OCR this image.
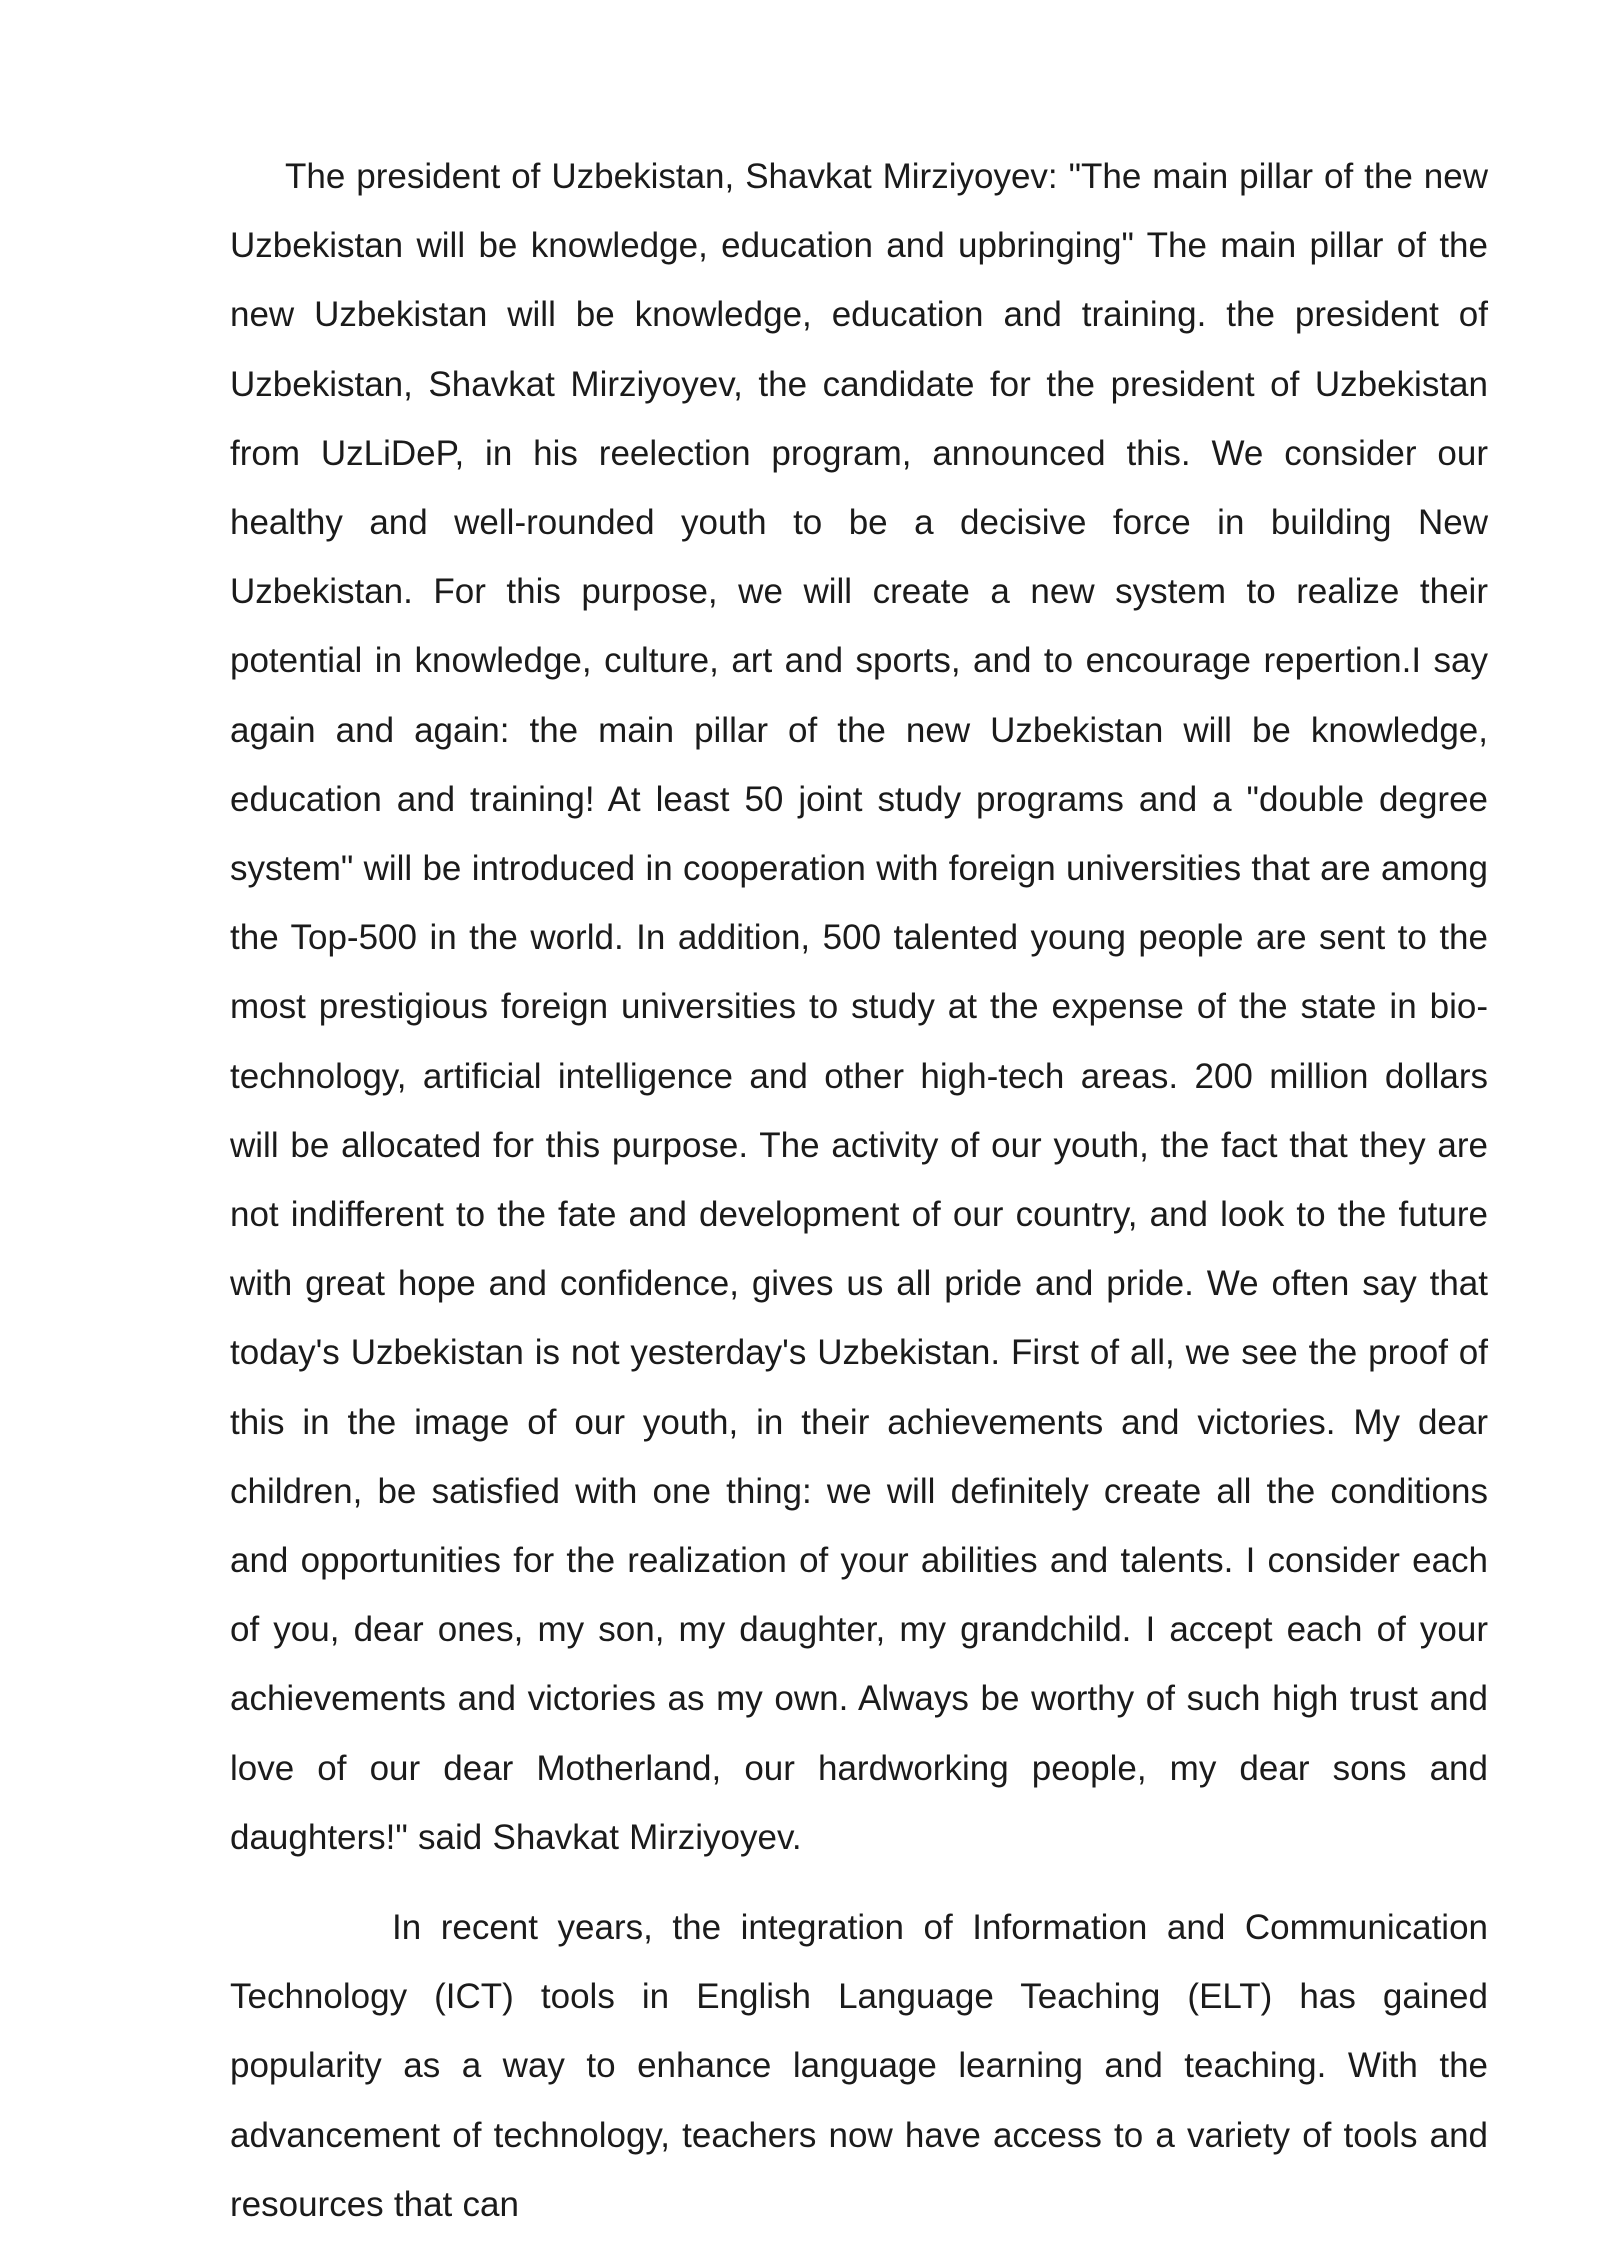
The president of Uzbekistan, Shavkat Mirziyoyev: "The main pillar of the new Uzbekistan will be knowledge, education and upbringing" The main pillar of the new Uzbekistan will be knowledge, education and training. the president of Uzbekistan, Shavkat Mirziyoyev, the candidate for the president of Uzbekistan from UzLiDeP, in his reelection program, announced this. We consider our healthy and well-rounded youth to be a decisive force in building New Uzbekistan. For this purpose, we will create a new system to realize their potential in knowledge, culture, art and sports, and to encourage repertion.I say again and again: the main pillar of the new Uzbekistan will be knowledge, education and training! At least 50 joint study programs and a "double degree system" will be introduced in cooperation with foreign universities that are among the Top-500 in the world. In addition, 500 talented young people are sent to the most prestigious foreign universities to study at the expense of the state in bio-technology, artificial intelligence and other high-tech areas. 200 million dollars will be allocated for this purpose. The activity of our youth, the fact that they are not indifferent to the fate and development of our country, and look to the future with great hope and confidence, gives us all pride and pride. We often say that today's Uzbekistan is not yesterday's Uzbekistan. First of all, we see the proof of this in the image of our youth, in their achievements and victories. My dear children, be satisfied with one thing: we will definitely create all the conditions and opportunities for the realization of your abilities and talents. I consider each of you, dear ones, my son, my daughter, my grandchild. I accept each of your achievements and victories as my own. Always be worthy of such high trust and love of our dear Motherland, our hardworking people, my dear sons and daughters!" said Shavkat Mirziyoyev.

In recent years, the integration of Information and Communication Technology (ICT) tools in English Language Teaching (ELT) has gained popularity as a way to enhance language learning and teaching. With the advancement of technology, teachers now have access to a variety of tools and resources that can
